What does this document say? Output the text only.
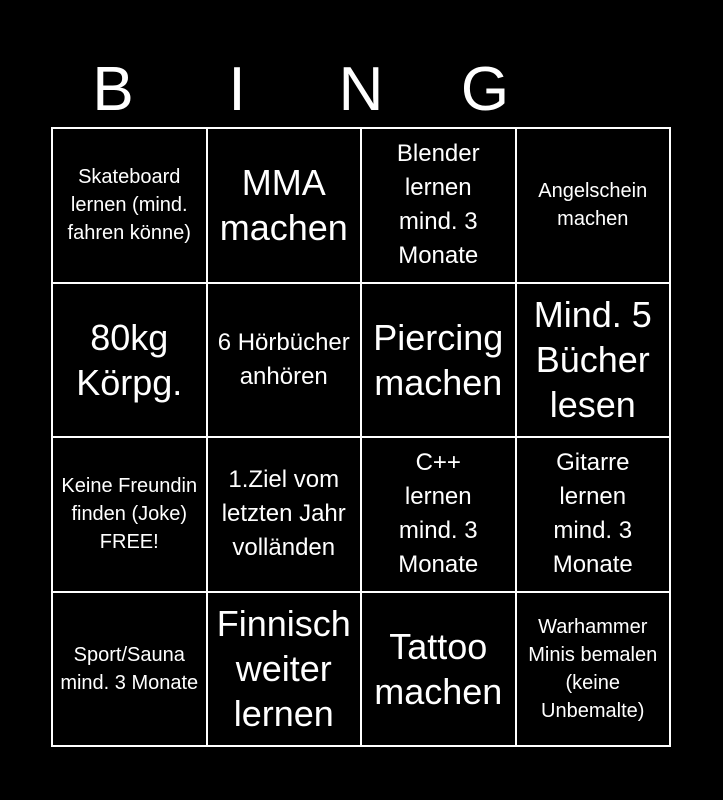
B	I	N	G
Skateboard lernen (mind. fahren könne)
MMA machen
Blender lernen mind. 3 Monate
Angelschein machen
80kg Körpg.
6 Hörbücher anhören
Piercing machen
Mind. 5 Bücher lesen
Keine Freundin finden (Joke) FREE!
1.Ziel vom letzten Jahr volländen
C++ lernen mind. 3 Monate
Gitarre lernen mind. 3 Monate
Sport/Sauna mind. 3 Monate
Finnisch weiter lernen
Tattoo machen
Warhammer Minis bemalen (keine Unbemalte)
